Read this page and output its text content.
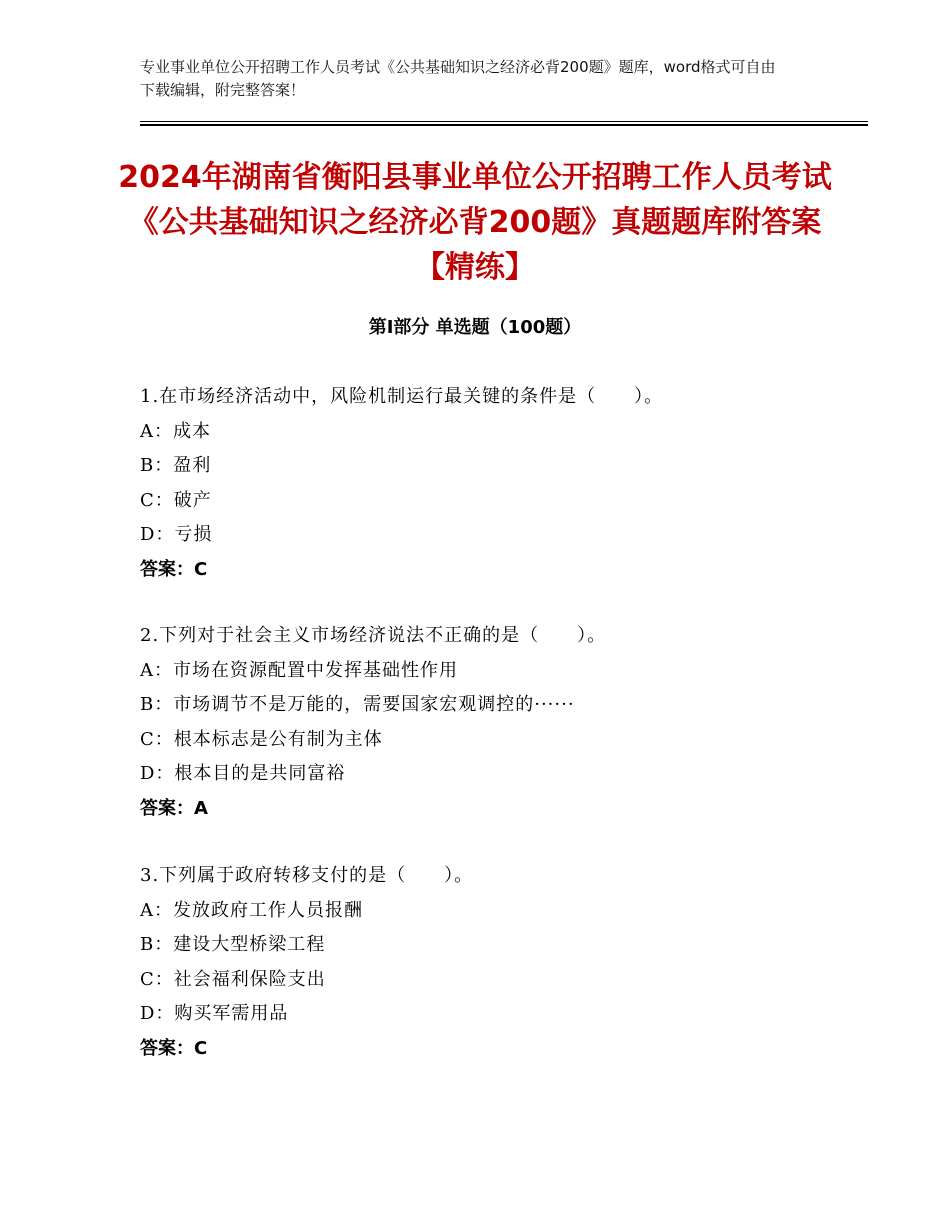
专业事业单位公开招聘工作人员考试《公共基础知识之经济必背200题》题库，word格式可自由下载编辑，附完整答案！
2024年湖南省衡阳县事业单位公开招聘工作人员考试《公共基础知识之经济必背200题》真题题库附答案【精练】
第Ⅰ部分 单选题（100题）
1.在市场经济活动中，风险机制运行最关键的条件是（　　）。
A：成本
B：盈利
C：破产
D：亏损
答案：C
2.下列对于社会主义市场经济说法不正确的是（　　）。
A：市场在资源配置中发挥基础性作用
B：市场调节不是万能的，需要国家宏观调控的······
C：根本标志是公有制为主体
D：根本目的是共同富裕
答案：A
3.下列属于政府转移支付的是（　　）。
A：发放政府工作人员报酬
B：建设大型桥梁工程
C：社会福利保险支出
D：购买军需用品
答案：C
